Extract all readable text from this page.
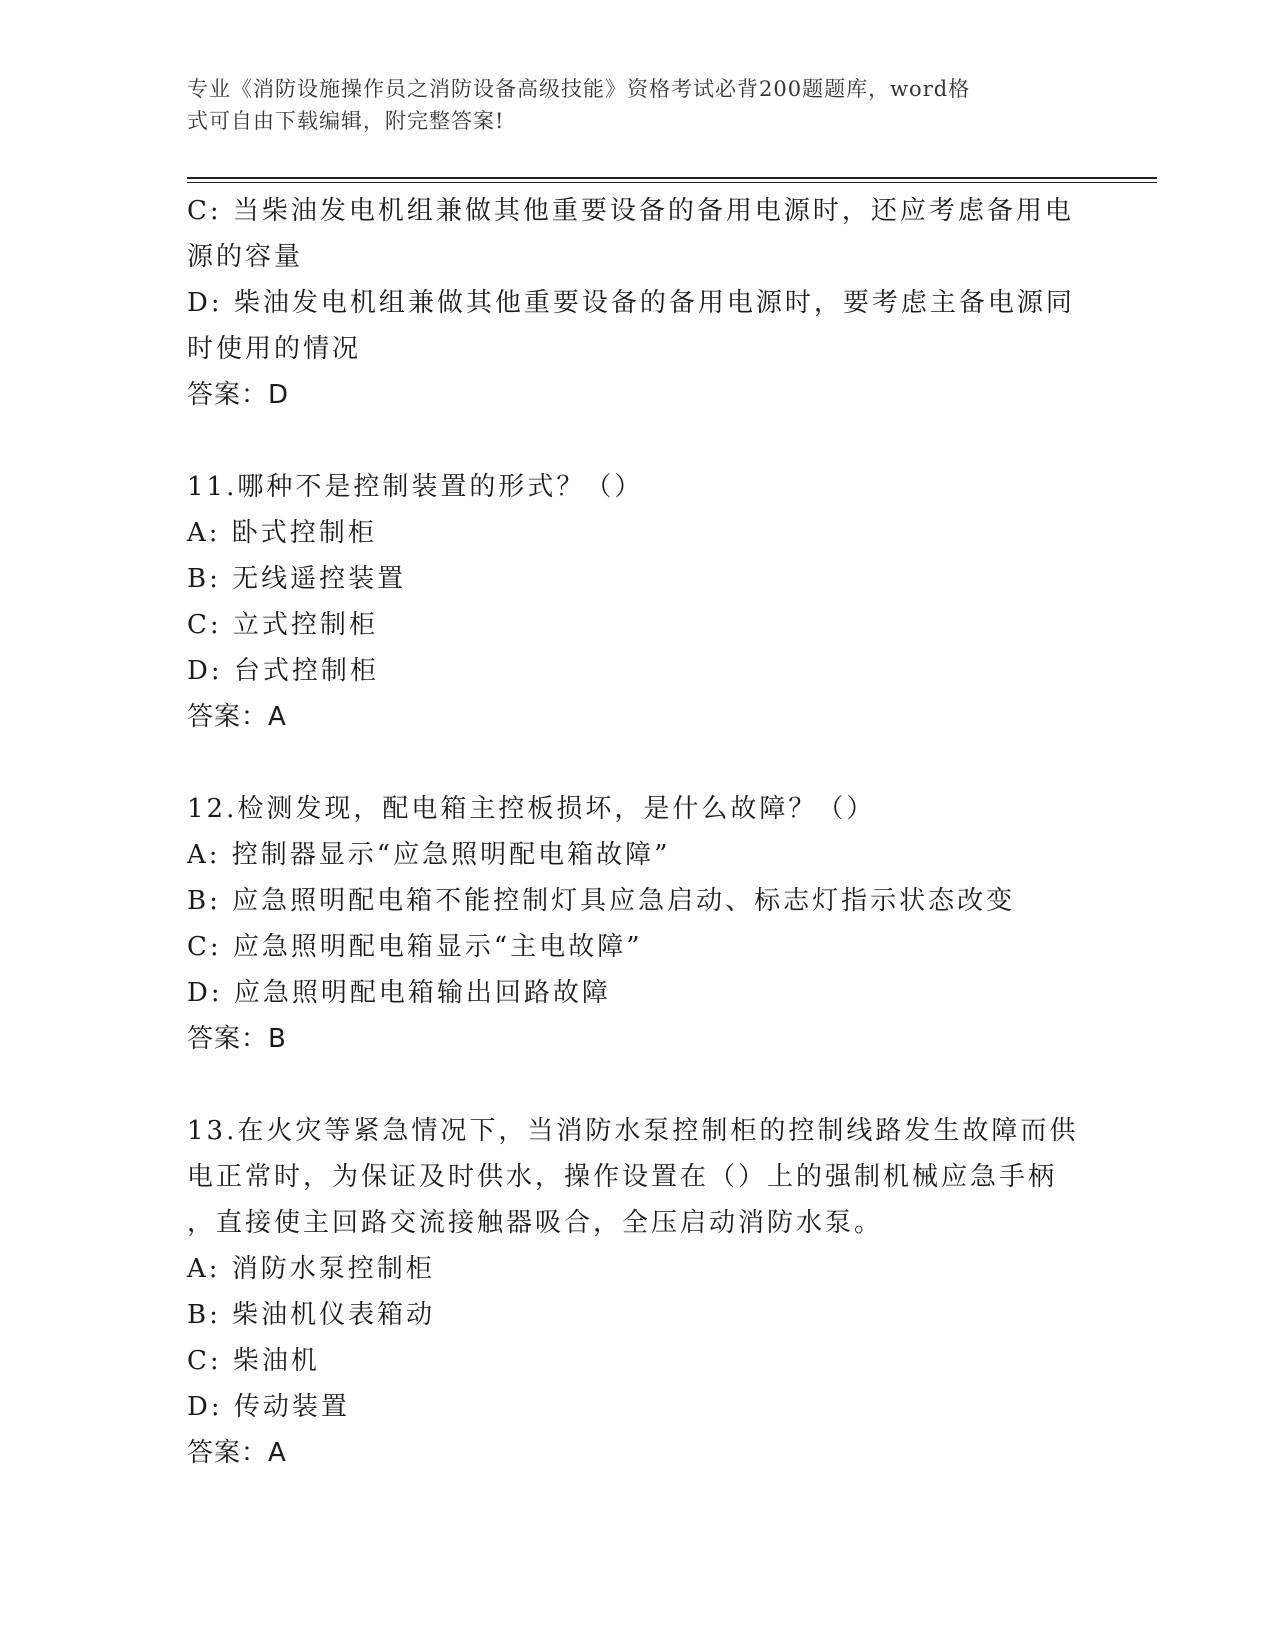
专业《消防设施操作员之消防设备高级技能》资格考试必背200题题库，word格
式可自由下载编辑，附完整答案!
C: 当柴油发电机组兼做其他重要设备的备用电源时，还应考虑备用电
源的容量
D: 柴油发电机组兼做其他重要设备的备用电源时，要考虑主备电源同
时使用的情况
答案：D
11.哪种不是控制装置的形式？（）
A: 卧式控制柜
B: 无线遥控装置
C: 立式控制柜
D: 台式控制柜
答案：A
12.检测发现，配电箱主控板损坏，是什么故障？（）
A: 控制器显示“应急照明配电箱故障”
B: 应急照明配电箱不能控制灯具应急启动、标志灯指示状态改变
C: 应急照明配电箱显示“主电故障”
D: 应急照明配电箱输出回路故障
答案：B
13.在火灾等紧急情况下，当消防水泵控制柜的控制线路发生故障而供
电正常时，为保证及时供水，操作设置在（）上的强制机械应急手柄
，直接使主回路交流接触器吸合，全压启动消防水泵。
A: 消防水泵控制柜
B: 柴油机仪表箱动
C: 柴油机
D: 传动装置
答案：A
